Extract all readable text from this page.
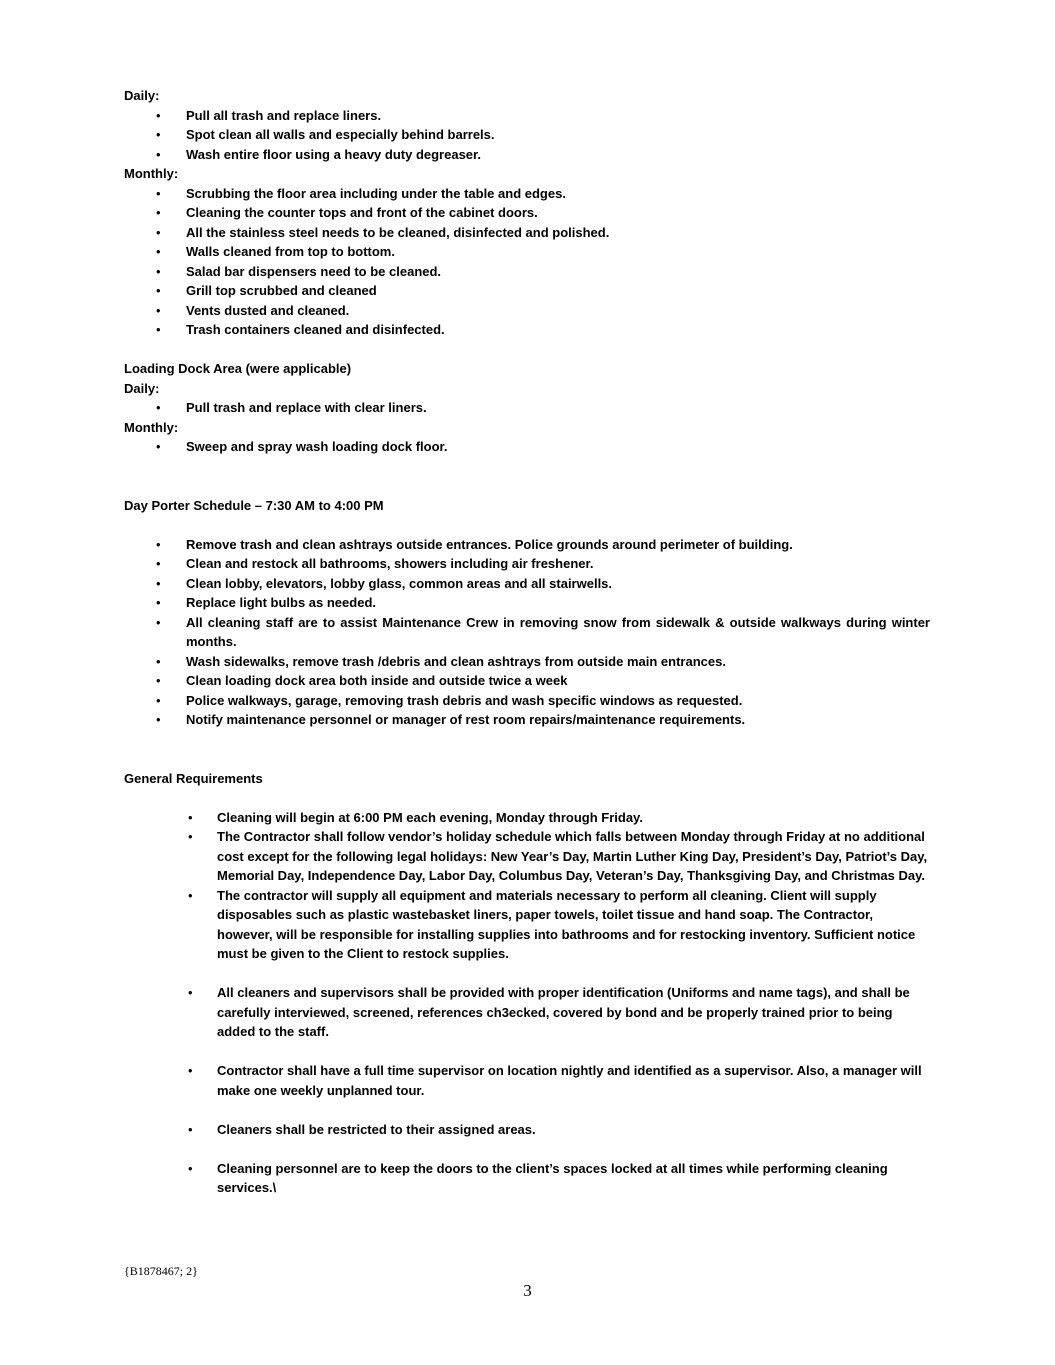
Daily:

• Pull all trash and replace liners.
• Spot clean all walls and especially behind barrels.
• Wash entire floor using a heavy duty degreaser.

Monthly:

• Scrubbing the floor area including under the table and edges.
• Cleaning the counter tops and front of the cabinet doors.
• All the stainless steel needs to be cleaned, disinfected and polished.
• Walls cleaned from top to bottom.
• Salad bar dispensers need to be cleaned.
• Grill top scrubbed and cleaned
• Vents dusted and cleaned.
• Trash containers cleaned and disinfected.

Loading Dock Area (were applicable)

Daily:

• Pull trash and replace with clear liners.

Monthly:

• Sweep and spray wash loading dock floor.

Day Porter Schedule – 7:30 AM to 4:00 PM

• Remove trash and clean ashtrays outside entrances. Police grounds around perimeter of building.
• Clean and restock all bathrooms, showers including air freshener.
• Clean lobby, elevators, lobby glass, common areas and all stairwells.
• Replace light bulbs as needed.
• All cleaning staff are to assist Maintenance Crew in removing snow from sidewalk & outside walkways during winter months.
• Wash sidewalks, remove trash /debris and clean ashtrays from outside main entrances.
• Clean loading dock area both inside and outside twice a week
• Police walkways, garage, removing trash debris and wash specific windows as requested.
• Notify maintenance personnel or manager of rest room repairs/maintenance requirements.

General Requirements

• Cleaning will begin at 6:00 PM each evening, Monday through Friday.
• The Contractor shall follow vendor’s holiday schedule which falls between Monday through Friday at no additional cost except for the following legal holidays: New Year’s Day, Martin Luther King Day, President’s Day, Patriot’s Day, Memorial Day, Independence Day, Labor Day, Columbus Day, Veteran’s Day, Thanksgiving Day, and Christmas Day.
• The contractor will supply all equipment and materials necessary to perform all cleaning. Client will supply disposables such as plastic wastebasket liners, paper towels, toilet tissue and hand soap. The Contractor, however, will be responsible for installing supplies into bathrooms and for restocking inventory. Sufficient notice must be given to the Client to restock supplies.
• All cleaners and supervisors shall be provided with proper identification (Uniforms and name tags), and shall be carefully interviewed, screened, references ch3ecked, covered by bond and be properly trained prior to being added to the staff.
• Contractor shall have a full time supervisor on location nightly and identified as a supervisor. Also, a manager will make one weekly unplanned tour.
• Cleaners shall be restricted to their assigned areas.
• Cleaning personnel are to keep the doors to the client’s spaces locked at all times while performing cleaning services.\
{B1878467; 2}
3
